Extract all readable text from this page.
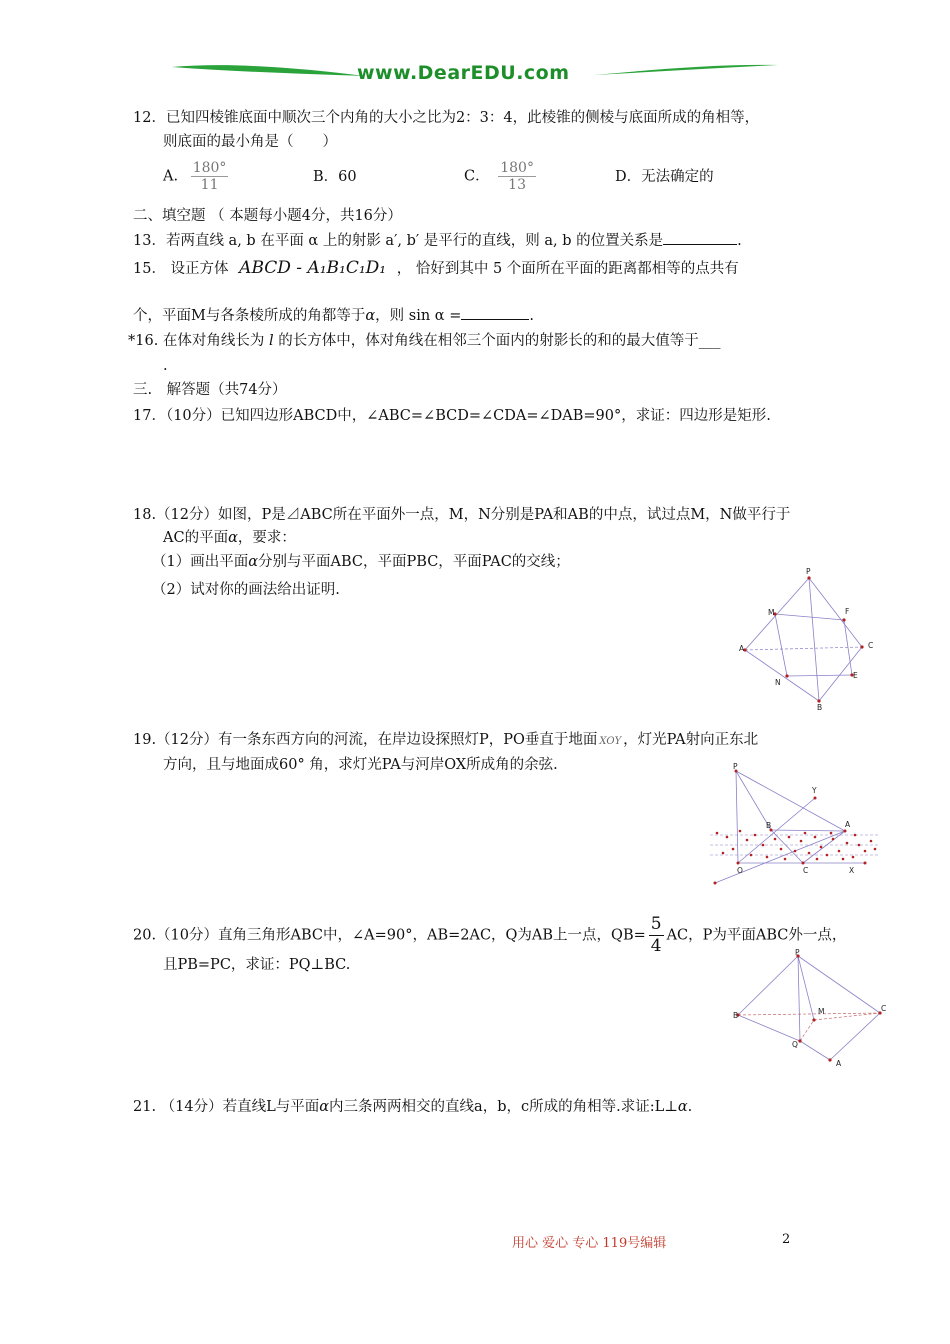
www.DearEDU.com
12．已知四棱锥底面中顺次三个内角的大小之比为2：3：4，此棱锥的侧棱与底面所成的角相等，
则底面的最小角是（　　）
A. $\frac{180^\circ}{11}$	B．60	C． $\frac{180^\circ}{13}$	D．无法确定的
二、填空题 （ 本题每小题4分，共16分）
13．若两直线 a, b 在平面 α 上的射影 a′, b′ 是平行的直线，则 a, b 的位置关系是	.
15． 设正方体 ABCD - A₁B₁C₁D₁ ， 恰好到其中 5 个面所在平面的距离都相等的点共有
个，平面M与各条棱所成的角都等于α，则 sin α =	.
*16. 在体对角线长为 l 的长方体中，体对角线在相邻三个面内的射影长的和的最大值等于___
.
三.　解答题（共74分）
17．（10分）已知四边形ABCD中，∠ABC=∠BCD=∠CDA=∠DAB=90°，求证：四边形是矩形.
18.（12分）如图，P是⊿ABC所在平面外一点，M，N分别是PA和AB的中点，试过点M，N做平行于
AC的平面α，要求：
（1）画出平面α分别与平面ABC，平面PBC，平面PAC的交线；
（2）试对你的画法给出证明.
P
M	F
A	C
N
E
B
19.（12分）有一条东西方向的河流，在岸边设探照灯P，PO垂直于地面 XOY ，灯光PA射向正东北
方向，且与地面成60° 角，求灯光PA与河岸OX所成角的余弦.	P
Y
B	A
O	C	X
20.（10分）直角三角形ABC中，∠A=90°，AB=2AC，Q为AB上一点，$QB= \frac{5}{4}$ AC，P为平面ABC外一点，
且PB=PC，求证：PQ⊥BC.
P
B	M	C
Q
A
21. （14分）若直线L与平面α内三条两两相交的直线a，b，c所成的角相等.求证:L⊥α.
用心 爱心 专心 119号编辑	2
